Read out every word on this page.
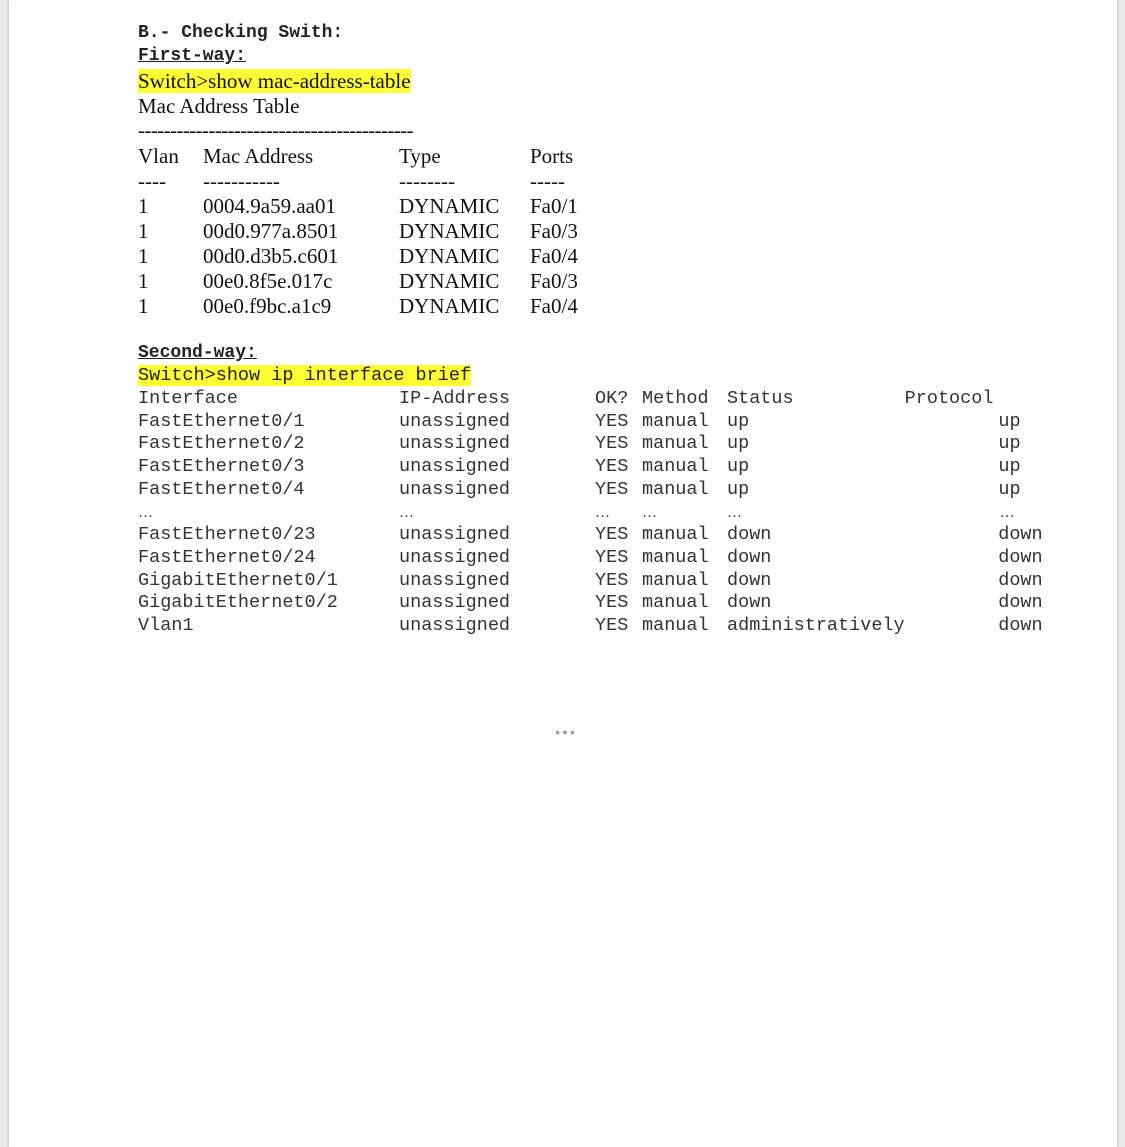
B.- Checking Swith:
First-way:
Switch>show mac-address-table
Mac Address Table
-------------------------------------------
Vlan	Mac Address	Type	Ports
----	-----------	--------	-----
1	0004.9a59.aa01	DYNAMIC	Fa0/1
1	00d0.977a.8501	DYNAMIC	Fa0/3
1	00d0.d3b5.c601	DYNAMIC	Fa0/4
1	00e0.8f5e.017c	DYNAMIC	Fa0/3
1	00e0.f9bc.a1c9	DYNAMIC	Fa0/4
Second-way:
Switch>show ip interface brief
Interface	IP-Address	OK?	Method	Status	Protocol
FastEthernet0/1	unassigned	YES	manual	up	up
FastEthernet0/2	unassigned	YES	manual	up	up
FastEthernet0/3	unassigned	YES	manual	up	up
FastEthernet0/4	unassigned	YES	manual	up	up
…	…	…	…	…	…
FastEthernet0/23	unassigned	YES	manual	down	down
FastEthernet0/24	unassigned	YES	manual	down	down
GigabitEthernet0/1	unassigned	YES	manual	down	down
GigabitEthernet0/2	unassigned	YES	manual	down	down
Vlan1	unassigned	YES	manual	administratively	down
* * *
